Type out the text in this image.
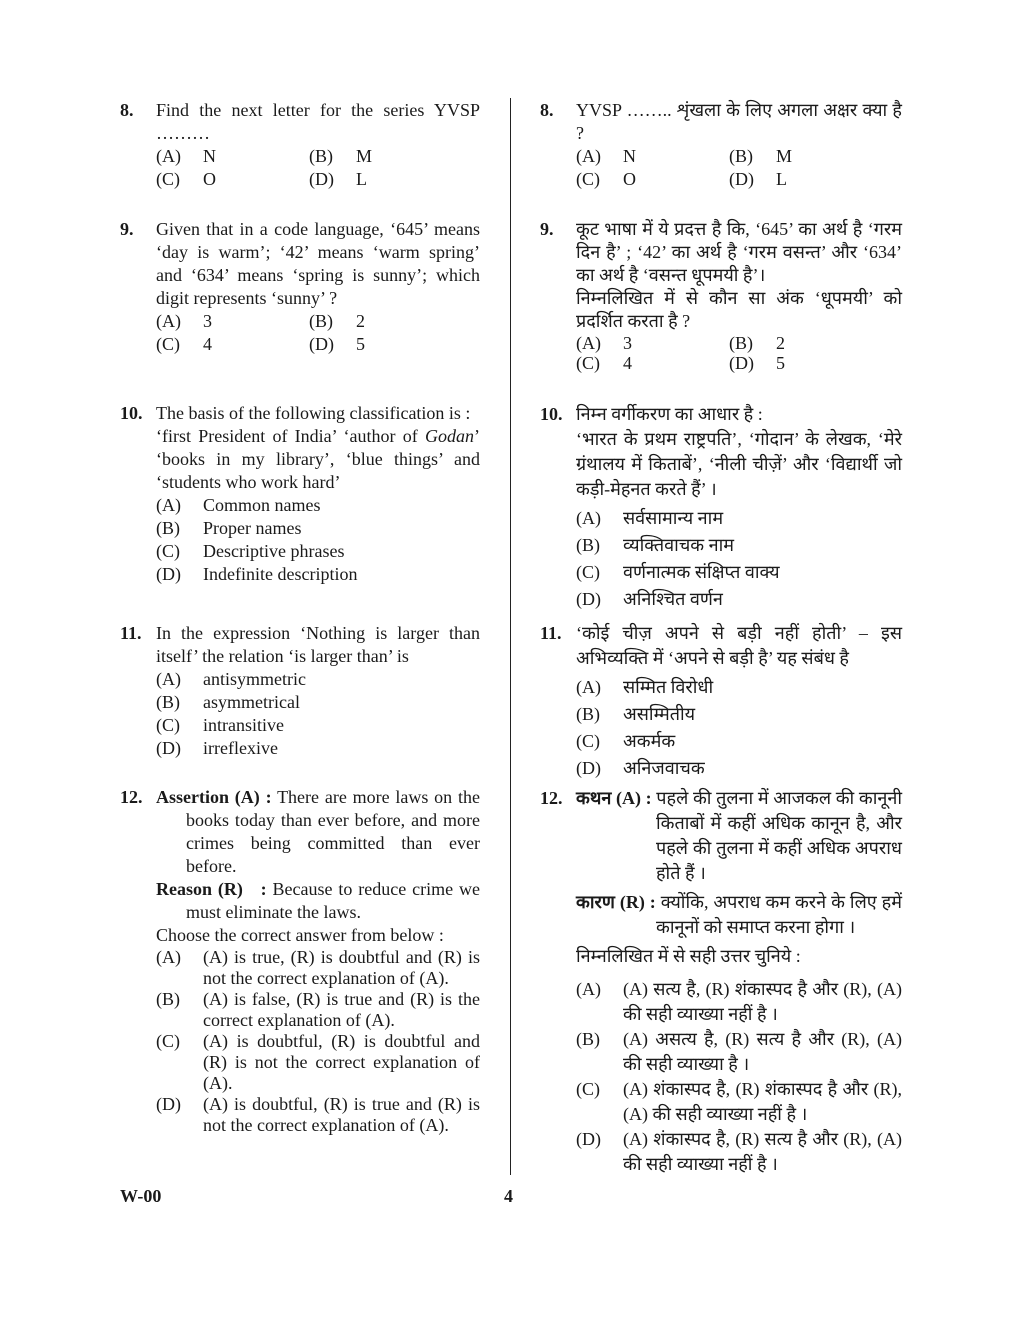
8. Find the next letter for the series YVSP ………
(A)	N	(B)	M
(C)	O	(D)	L
9. Given that in a code language, ‘645’ means ‘day is warm’; ‘42’ means ‘warm spring’ and ‘634’ means ‘spring is sunny’; which digit represents ‘sunny’ ?
(A)	3	(B)	2
(C)	4	(D)	5
10. The basis of the following classification is :
‘first President of India’ ‘author of Godan’ ‘books in my library’, ‘blue things’ and ‘students who work hard’
(A)	Common names
(B)	Proper names
(C)	Descriptive phrases
(D)	Indefinite description
11. In the expression ‘Nothing is larger than itself’ the relation ‘is larger than’ is
(A)	antisymmetric
(B)	asymmetrical
(C)	intransitive
(D)	irreflexive
12. Assertion (A) : There are more laws on the books today than ever before, and more crimes being committed than ever before.
Reason (R) : Because to reduce crime we must eliminate the laws.
Choose the correct answer from below :
(A)	(A) is true, (R) is doubtful and (R) is not the correct explanation of (A).
(B)	(A) is false, (R) is true and (R) is the correct explanation of (A).
(C)	(A) is doubtful, (R) is doubtful and (R) is not the correct explanation of (A).
(D)	(A) is doubtful, (R) is true and (R) is not the correct explanation of (A).
8. YVSP …….. शृंखला के लिए अगला अक्षर क्या है ?
(A)	N	(B)	M
(C)	O	(D)	L
9. कूट भाषा में ये प्रदत्त है कि, ‘645’ का अर्थ है ‘गरम दिन है’ ; ‘42’ का अर्थ है ‘गरम वसन्त’ और ‘634’ का अर्थ है ‘वसन्त धूपमयी है’।
निम्नलिखित में से कौन सा अंक ‘धूपमयी’ को प्रदर्शित करता है ?
(A)	3	(B)	2
(C)	4	(D)	5
10. निम्न वर्गीकरण का आधार है :
‘भारत के प्रथम राष्ट्रपति’, ‘गोदान’ के लेखक, ‘मेरे ग्रंथालय में किताबें’, ‘नीली चीज़ें’ और ‘विद्यार्थी जो कड़ी-मेहनत करते हैं’ ।
(A)	सर्वसामान्य नाम
(B)	व्यक्तिवाचक नाम
(C)	वर्णनात्मक संक्षिप्त वाक्य
(D)	अनिश्चित वर्णन
11. ‘कोई चीज़ अपने से बड़ी नहीं होती’ – इस अभिव्यक्ति में ‘अपने से बड़ी है’ यह संबंध है
(A)	सम्मित विरोधी
(B)	असम्मितीय
(C)	अकर्मक
(D)	अनिजवाचक
12. कथन (A) : पहले की तुलना में आजकल की कानूनी किताबों में कहीं अधिक कानून है, और पहले की तुलना में कहीं अधिक अपराध होते हैं ।
कारण (R) : क्योंकि, अपराध कम करने के लिए हमें कानूनों को समाप्त करना होगा ।
निम्नलिखित में से सही उत्तर चुनिये :
(A)	(A) सत्य है, (R) शंकास्पद है और (R), (A) की सही व्याख्या नहीं है ।
(B)	(A) असत्य है, (R) सत्य है और (R), (A) की सही व्याख्या है ।
(C)	(A) शंकास्पद है, (R) शंकास्पद है और (R), (A) की सही व्याख्या नहीं है ।
(D)	(A) शंकास्पद है, (R) सत्य है और (R), (A) की सही व्याख्या नहीं है ।
W-00	4
